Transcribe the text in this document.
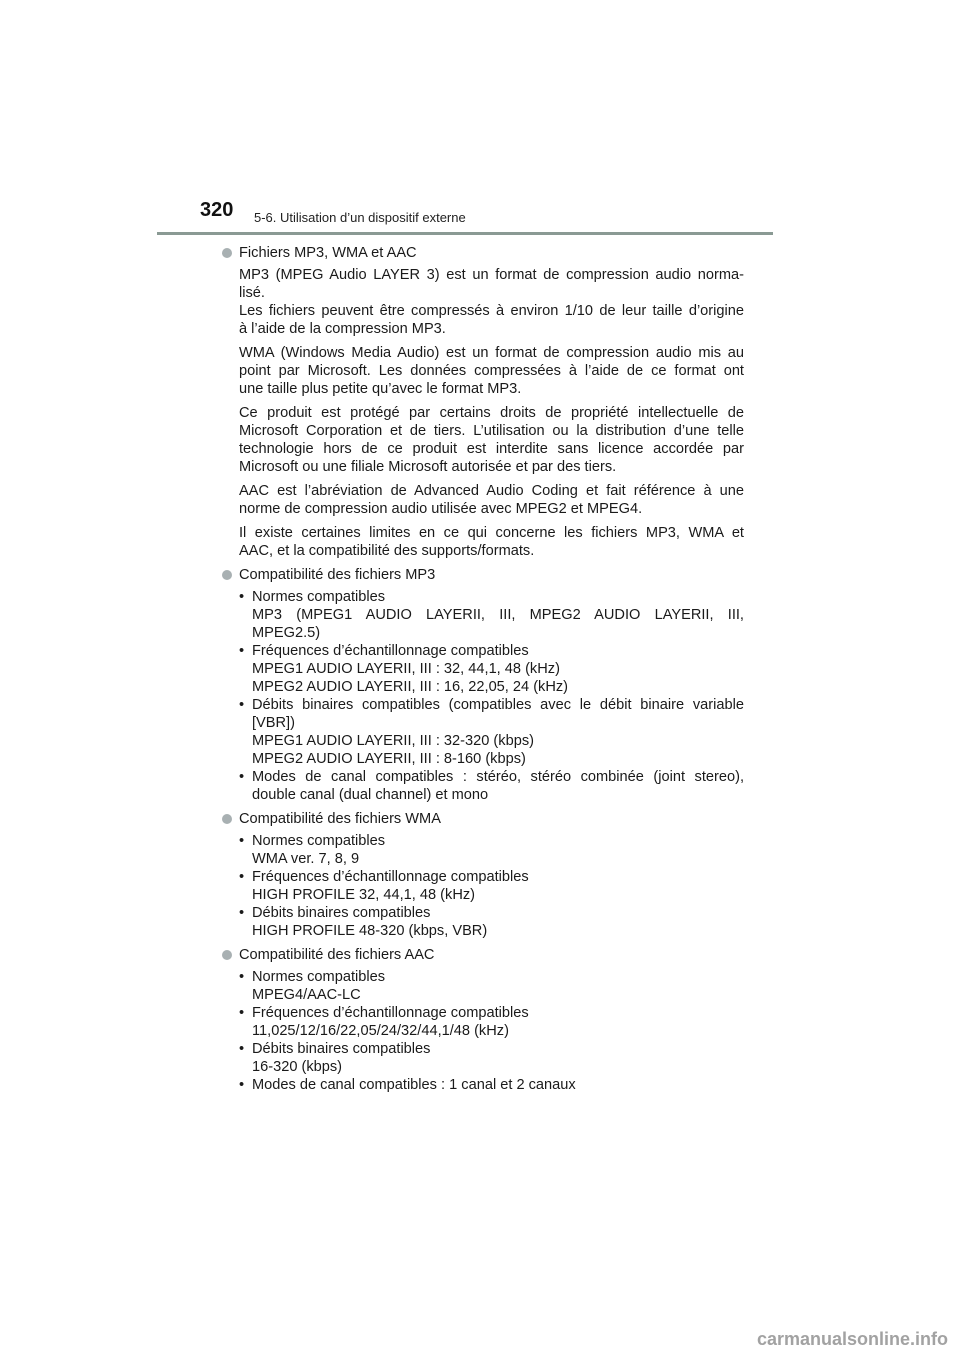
320 5-6. Utilisation d’un dispositif externe
Fichiers MP3, WMA et AAC
MP3 (MPEG Audio LAYER 3) est un format de compression audio norma-
lisé.
Les fichiers peuvent être compressés à environ 1/10 de leur taille d’origine
à l’aide de la compression MP3.
WMA (Windows Media Audio) est un format de compression audio mis au
point par Microsoft. Les données compressées à l’aide de ce format ont
une taille plus petite qu’avec le format MP3.
Ce produit est protégé par certains droits de propriété intellectuelle de
Microsoft Corporation et de tiers. L’utilisation ou la distribution d’une telle
technologie hors de ce produit est interdite sans licence accordée par
Microsoft ou une filiale Microsoft autorisée et par des tiers.
AAC est l’abréviation de Advanced Audio Coding et fait référence à une
norme de compression audio utilisée avec MPEG2 et MPEG4.
Il existe certaines limites en ce qui concerne les fichiers MP3, WMA et
AAC, et la compatibilité des supports/formats.
Compatibilité des fichiers MP3
• Normes compatibles
MP3 (MPEG1 AUDIO LAYERII, III, MPEG2 AUDIO LAYERII, III,
MPEG2.5)
• Fréquences d’échantillonnage compatibles
MPEG1 AUDIO LAYERII, III : 32, 44,1, 48 (kHz)
MPEG2 AUDIO LAYERII, III : 16, 22,05, 24 (kHz)
• Débits binaires compatibles (compatibles avec le débit binaire variable
[VBR])
MPEG1 AUDIO LAYERII, III : 32-320 (kbps)
MPEG2 AUDIO LAYERII, III : 8-160 (kbps)
• Modes de canal compatibles : stéréo, stéréo combinée (joint stereo),
double canal (dual channel) et mono
Compatibilité des fichiers WMA
• Normes compatibles
WMA ver. 7, 8, 9
• Fréquences d’échantillonnage compatibles
HIGH PROFILE 32, 44,1, 48 (kHz)
• Débits binaires compatibles
HIGH PROFILE 48-320 (kbps, VBR)
Compatibilité des fichiers AAC
• Normes compatibles
MPEG4/AAC-LC
• Fréquences d’échantillonnage compatibles
11,025/12/16/22,05/24/32/44,1/48 (kHz)
• Débits binaires compatibles
16-320 (kbps)
• Modes de canal compatibles : 1 canal et 2 canaux
carmanualsonline.info
